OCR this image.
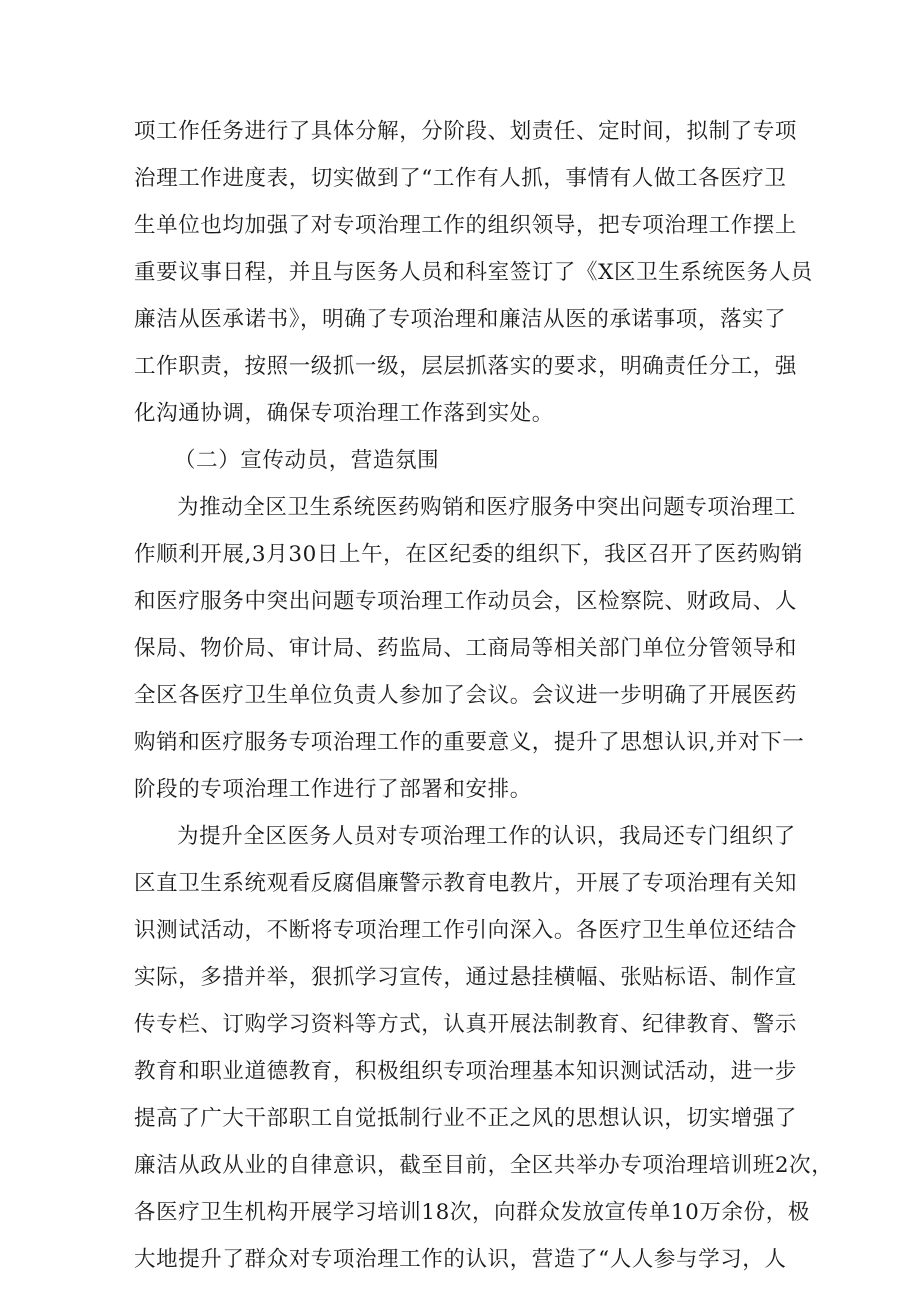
项工作任务进行了具体分解，分阶段、划责任、定时间，拟制了专项
治理工作进度表，切实做到了“工作有人抓，事情有人做工各医疗卫
生单位也均加强了对专项治理工作的组织领导，把专项治理工作摆上
重要议事日程，并且与医务人员和科室签订了《X区卫生系统医务人员
廉洁从医承诺书》，明确了专项治理和廉洁从医的承诺事项，落实了
工作职责，按照一级抓一级，层层抓落实的要求，明确责任分工，强
化沟通协调，确保专项治理工作落到实处。
（二）宣传动员，营造氛围
为推动全区卫生系统医药购销和医疗服务中突出问题专项治理工
作顺利开展,3月30日上午，在区纪委的组织下，我区召开了医药购销
和医疗服务中突出问题专项治理工作动员会，区检察院、财政局、人
保局、物价局、审计局、药监局、工商局等相关部门单位分管领导和
全区各医疗卫生单位负责人参加了会议。会议进一步明确了开展医药
购销和医疗服务专项治理工作的重要意义，提升了思想认识,并对下一
阶段的专项治理工作进行了部署和安排。
为提升全区医务人员对专项治理工作的认识，我局还专门组织了
区直卫生系统观看反腐倡廉警示教育电教片，开展了专项治理有关知
识测试活动，不断将专项治理工作引向深入。各医疗卫生单位还结合
实际，多措并举，狠抓学习宣传，通过悬挂横幅、张贴标语、制作宣
传专栏、订购学习资料等方式，认真开展法制教育、纪律教育、警示
教育和职业道德教育，积极组织专项治理基本知识测试活动，进一步
提高了广大干部职工自觉抵制行业不正之风的思想认识，切实增强了
廉洁从政从业的自律意识，截至目前，全区共举办专项治理培训班2次，
各医疗卫生机构开展学习培训18次，向群众发放宣传单10万余份，极
大地提升了群众对专项治理工作的认识，营造了“人人参与学习，人
